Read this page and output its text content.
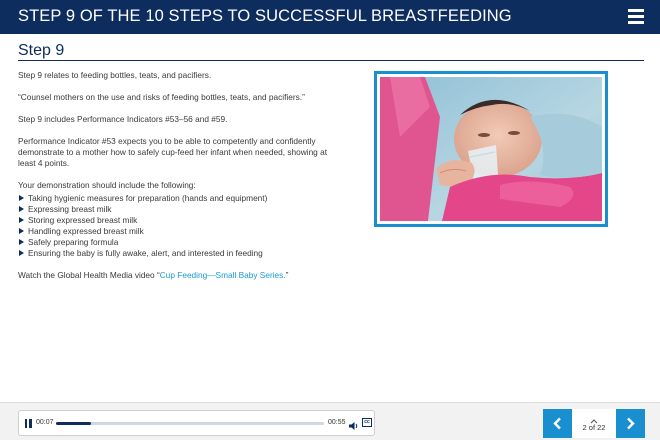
STEP 9 OF THE 10 STEPS TO SUCCESSFUL BREASTFEEDING
Step 9

Step 9 relates to feeding bottles, teats, and pacifiers.

“Counsel mothers on the use and risks of feeding bottles, teats, and pacifiers.”

Step 9 includes Performance Indicators #53–56 and #59.

Performance Indicator #53 expects you to be able to competently and confidently demonstrate to a mother how to safely cup-feed her infant when needed, showing at least 4 points.

Your demonstration should include the following:

Taking hygienic measures for preparation (hands and equipment)
Expressing breast milk
Storing expressed breast milk
Handling expressed breast milk
Safely preparing formula
Ensuring the baby is fully awake, alert, and interested in feeding

Watch the Global Health Media video “Cup Feeding—Small Baby Series.”

00:07	00:55	cc
2 of 22
